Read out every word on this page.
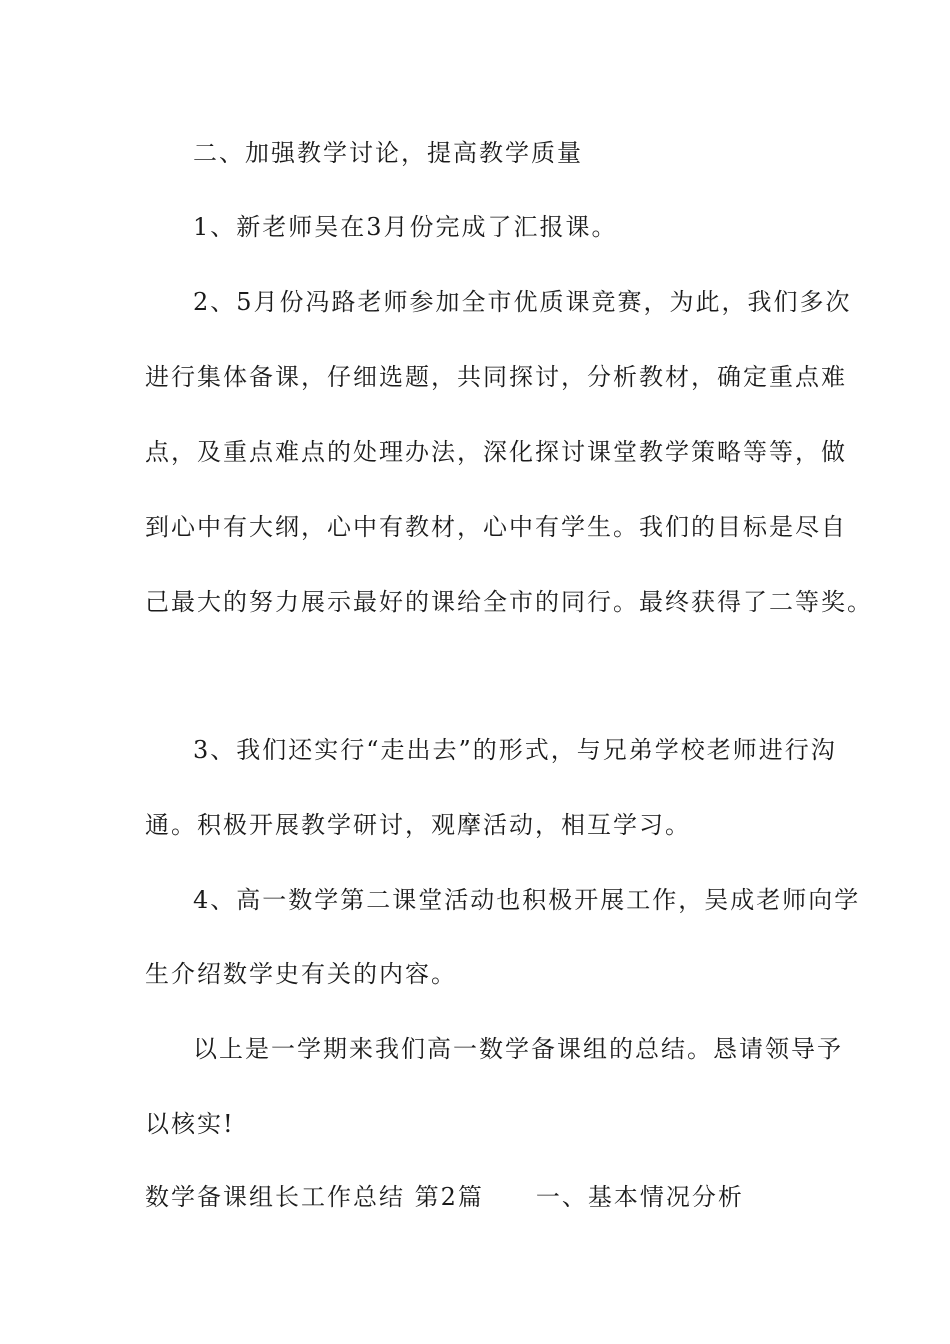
二、加强教学讨论，提高教学质量
1、新老师吴在3月份完成了汇报课。
2、5月份冯路老师参加全市优质课竞赛，为此，我们多次
进行集体备课，仔细选题，共同探讨，分析教材，确定重点难
点，及重点难点的处理办法，深化探讨课堂教学策略等等，做
到心中有大纲，心中有教材，心中有学生。我们的目标是尽自
己最大的努力展示最好的课给全市的同行。最终获得了二等奖。
3、我们还实行“走出去”的形式，与兄弟学校老师进行沟
通。积极开展教学研讨，观摩活动，相互学习。
4、高一数学第二课堂活动也积极开展工作，吴成老师向学
生介绍数学史有关的内容。
以上是一学期来我们高一数学备课组的总结。恳请领导予
以核实!
数学备课组长工作总结 第2篇 一、基本情况分析
